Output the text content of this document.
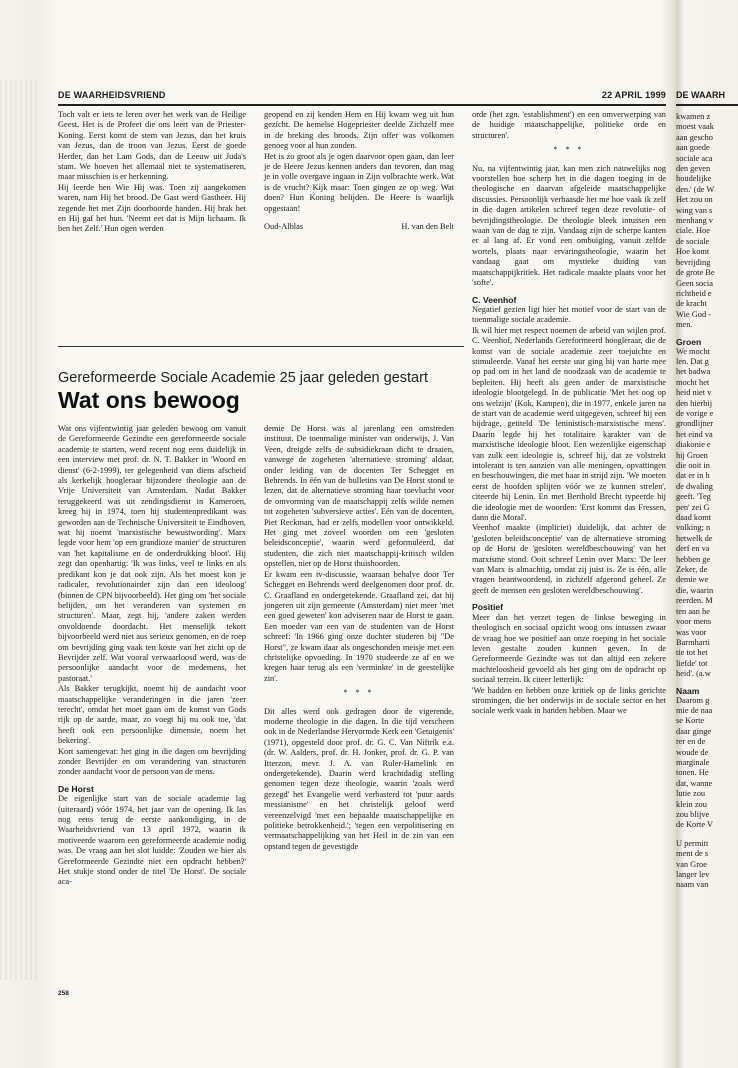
DE WAARHEIDSVRIEND	22 APRIL 1999

Toch valt er iets te leren over het werk van de Heilige Geest. Het is de Profeet die ons leert van de Priester-Koning. Eerst komt de stem van Jezus, dan het kruis van Jezus, dan de troon van Jezus. Eerst de goede Herder, dan het Lam Gods, dan de Leeuw uit Juda's stam. We hoeven het allemaal niet te systematiseren, maar misschien is er herkenning.

Hij leerde hen Wie Hij was. Toen zij aangekomen waren, nam Hij het brood. De Gast werd Gastheer. Hij zegende het met Zijn doorboorde handen. Hij brak het en Hij gaf het hun. 'Neemt eet dat is Mijn lichaam. Ik ben het Zelf.' Hun ogen werden

geopend en zij kenden Hem en Hij kwam weg uit hun gezicht. De hemelse Hogepriester deelde Zichzelf mee in de breking des broods. Zijn offer was volkomen genoeg voor al hun zonden.

Het is zo groot als je ogen daarvoor open gaan, dan leer je de Heere Jezus kennen anders dan tevoren, dan mag je in volle overgave ingaan in Zijn volbrachte werk. Wat is de vrucht? Kijk maar: Toen gingen ze op weg. Wat doen? Hun Koning belijden. De Heere is waarlijk opgestaan!

Oud-Alblas	H. van den Belt
Gereformeerde Sociale Academie 25 jaar geleden gestart
Wat ons bewoog

Wat ons vijfentwintig jaar geleden bewoog om vanuit de Gereformeerde Gezindte een gereformeerde sociale academie te starten, werd recent nog eens duidelijk in een interview met prof. dr. N. T. Bakker in 'Woord en dienst' (6-2-1999), ter gelegenheid van diens afscheid als kerkelijk hoogleraar bijzondere theologie aan de Vrije Universiteit van Amsterdam. Nadat Bakker teruggekeerd was uit zendingsdienst in Kameroen, kreeg hij in 1974, toen hij studentenpredikant was geworden aan de Technische Universiteit te Eindhoven, wat hij noemt 'marxistische bewustwording'. Marx legde voor hem 'op een grandioze manier' de structuren van 'het kapitalisme en de onderdrukking bloot'. Hij zegt dan openhartig: 'Ik was links, veel te links en als predikant kon je dat ook zijn. Als het moest kon je radicaler, revolutionairder zijn dan een ideoloog' (binnen de CPN bijvoorbeeld). Het ging om 'het sociale belijden, om het veranderen van systemen en structuren'. Maar, zegt hij, 'andere zaken werden onvoldoende doordacht. Het menselijk tekort bijvoorbeeld werd niet aus serieux genomen, en de roep om bevrijding ging vaak ten koste van het zicht op de Bevrijder zelf. Wat vooral verwaarloosd werd, was de persoonlijke aandacht voor de medemens, het pastoraat.'

Als Bakker terugkijkt, noemt hij de aandacht voor maatschappelijke veranderingen in die jaren 'zeer terecht', omdat het moet gaan om de komst van Gods rijk op de aarde, maar, zo voegt hij nu ook toe, 'dat heeft ook een persoonlijke dimensie, noem het bekering'.

Kort samengevat: het ging in die dagen om bevrijding zonder Bevrijder en om verandering van structuren zonder aandacht voor de persoon van de mens.

De Horst
De eigenlijke start van de sociale academie lag (uiteraard) vóór 1974, het jaar van de opening. Ik las nog eens terug de eerste aankondiging, in de Waarheidsvriend van 13 april 1972, waarin ik motiveerde waarom een gereformeerde academie nodig was. De vraag aan het slot luidde: 'Zouden we hier als Gereformeerde Gezindte niet een opdracht hebben?' Het stukje stond onder de titel 'De Horst'. De sociale aca-

demie De Horst was al jarenlang een omstreden instituut. De toenmalige minister van onderwijs, J. Van Veen, dreigde zelfs de subsidiekraan dicht te draaien, vanwege de zogeheten 'alternatieve stroming' aldaar, onder leiding van de docenten Ter Schegget en Behrends. In één van de bulletins van De Horst stond te lezen, dat de alternatieve stroming haar toevlucht voor de omvorming van de maatschappij zelfs wilde nemen tot zogeheten 'subversieve acties'. Eén van de docenten, Piet Reckman, had er zelfs modellen voor ontwikkeld. Het ging met zoveel woorden om een 'gesloten beleidsconceptie', waarin werd geformuleerd, dat studenten, die zich niet maatschappij-kritisch wilden opstellen, niet op de Horst thuishoorden.

Er kwam een tv-discussie, waaraan behalve door Ter Schegget en Behrends werd deelgenomen door prof. dr. C. Graafland en ondergetekende. Graafland zei, dat hij jongeren uit zijn gemeente (Amsterdam) niet meer 'met een goed geweten' kon adviseren naar de Horst te gaan. Een moeder van een van de studenten van de Horst schreef: 'In 1966 ging onze dochter studeren bij "De Horst", ze kwam daar als ongeschonden meisje met een christelijke opvoeding. In 1970 studeerde ze af en we kregen haar terug als een 'verminkte' in de geestelijke zin'.

* * *
Dit alles werd ook gedragen door de vigerende, moderne theologie in die dagen. In die tijd verscheen ook in de Nederlandse Hervormde Kerk een 'Getuigenis' (1971), opgesteld door prof. dr. G. C. Van Niftrik e.a. (dr. W. Aalders, prof. dr. H. Jonker, prof. dr. G. P. van Itterzon, mevr. J. A. van Ruler-Hamelink en ondergetekende). Daarin werd krachtdadig stelling genomen tegen deze theologie, waarin 'zoals werd gezegd' het Evangelie werd verbasterd tot 'puur aards messianisme' en het christelijk geloof werd vereenzelvigd 'met een bepaalde maatschappelijke en politieke betrokkenheid.'; 'tegen een verpolitisering en vermaatschappelijking van het Heil in de zin van een opstand tegen de gevestigde
orde (het zgn. 'establishment') en een omverwerping van de huidige maatschappelijke, politieke orde en structuren'.
* * *
Nu, na vijfentwintig jaar, kan men zich nauwelijks nog voorstellen hoe scherp het in die dagen toeging in de theologische en daarvan afgeleide maatschappelijke discussies. Persoonlijk verbaasde het me hoe vaak ik zelf in die dagen artikelen schreef tegen deze revolutie- of bevrijdingstheologie. De theologie bleek intussen een waan van de dag te zijn. Vandaag zijn de scherpe kanten er al lang af. Er vond een ombuiging, vanuit zelfde wortels, plaats naar ervaringstheologie, waarin het vandaag gaat om mystieke duiding van maatschappijkritiek. Het radicale maakte plaats voor het 'softe'.
C. Veenhof

Negatief gezien ligt hier het motief voor de start van de toenmalige sociale academie.

Ik wil hier met respect noemen de arbeid van wijlen prof. C. Veenhof, Nederlands Gereformeerd hoogleraar, die de komst van de sociale academie zeer toejuichte en stimuleerde. Vanaf het eerste uur ging hij van harte mee op pad om in het land de noodzaak van de academie te bepleiten. Hij heeft als geen ander de marxistische ideologie blootgelegd. In de publicatie 'Met het oog op ons welzijn' (Kok, Kampen), die in 1977, enkele jaren na de start van de academie werd uitgegeven, schreef hij een bijdrage, getiteld 'De leninistisch-marxistische mens'. Daarin legde hij het totalitaire karakter van de marxistische ideologie bloot. Een wezenlijke eigenschap van zulk een ideologie is, schreef hij, dat ze volstrekt intolerant is ten aanzien van alle meningen, opvattingen en beschouwingen, die met haar in strijd zijn. 'We moeten eerst de hoofden splijten vóór we ze kunnen strelen', citeerde hij Lenin. En met Berthold Brecht typeerde hij die ideologie met de woorden: 'Erst kommt das Fressen, dann die Moral'.

Veenhof maakte (impliciet) duidelijk, dat achter de 'gesloten beleidsconceptie' van de alternatieve stroming op de Horst de 'gesloten wereldbeschouwing' van het marxisme stond. Ooit schreef Lenin over Marx: 'De leer van Marx is almachtig, omdat zij juist is. Ze is één, alle vragen beantwoordend, in zichzelf afgerond geheel. Ze geeft de mensen een gesloten wereldbeschouwing'.

Positief

Meer dan het verzet tegen de linkse beweging in theologisch en sociaal opzicht woog ons intussen zwaar de vraag hoe we positief aan onze roeping in het sociale leven gestalte zouden kunnen geven. In de Gereformeerde Gezindte was tot dan altijd een zekere machteloosheid gevoeld als het ging om de opdracht op sociaal terrein. Ik citeer letterlijk:

'We hadden en hebben onze kritiek op de links gerichte stromingen, die het onderwijs in de sociale sector en het sociale werk vaak in handen hebben. Maar we

258
DE WAARH
kwamen z
moest vaak
aan gescho
aan goede
sociale aca
den geven
houdelijke
den.' (de W
Het zou on
wing van s
menhang v
ciale. Hoe
de sociale
Hoe komt
bevrijding
de grote Be
Geen socia
richtheid e
de kracht
Wie God -
men.
Groen
We mocht
len. Dat g
het badwa
mocht het
heid niet v
den hierbij
de vorige e
grondlijner
het eind va
diakonie e
hij Groen
die ooit in
dat er in h
de dwaling
geeft. 'Teg
pen' zei G
daad komt
volking; n
hetwelk de
derf en va
hebben ge
Zeker, de
demie we
die, waarin
reerden. M
ten aan he
voor mens
was voor
Barmharti
tie tot het
liefde' tot
heid'. (a.w
Naam
Daarom g
mie de naa
se Korte
daar ginge
rer en de
woude de
marginale
tonen. He
dat, wanne
lutie zou
klein zou
zou blijve
de Korte V
U permitt
ment de s
van Groe
langer lev
naam van
